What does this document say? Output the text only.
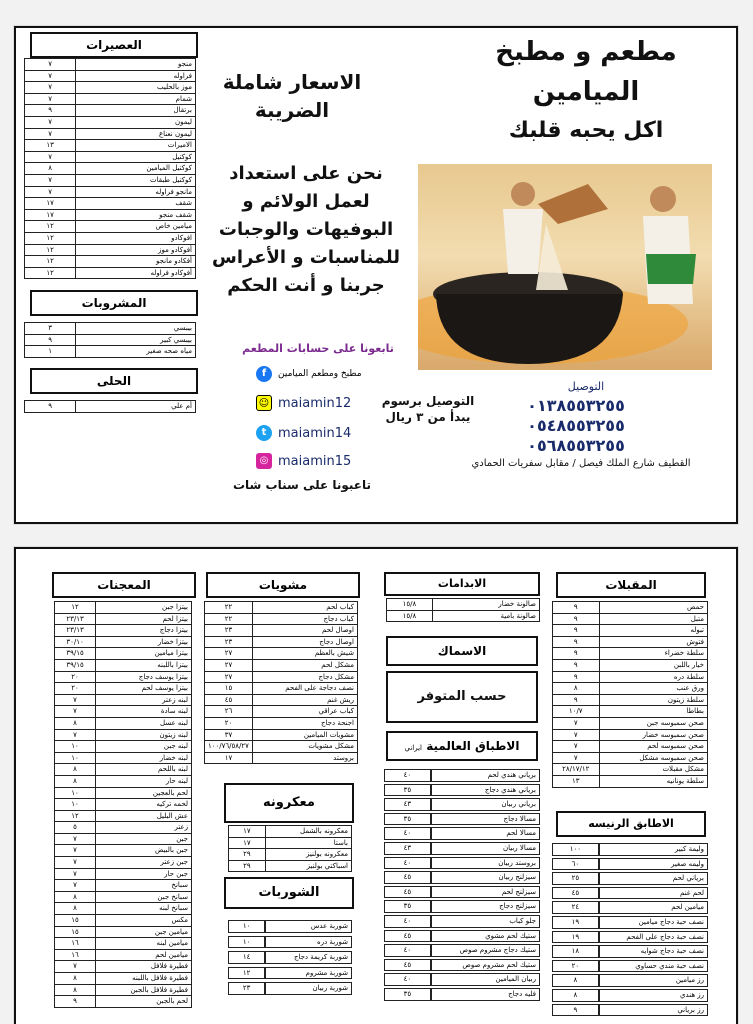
العصيرات
منجو	٧
فراوله	٧
موز بالحليب	٧
شمام	٧
برتقال	٩
ليمون	٧
ليمون نعناع	٧
الاميرات	١٣
كوكتيل	٧
كوكتيل الميامين	٨
كوكتيل طبقات	٧
مانجو فراوله	٧
شقف	١٧
شقف منجو	١٧
ميامين خاص	١٢
افوكادو	١٢
أفوكادو موز	١٢
أفكادو مانجو	١٢
أفوكادو فراوله	١٢
المشروبات
بيبسي	٣
بيبسي كبير	٩
مياه صحه صغير	١
الحلى
أم علي	٩
الاسعار شاملة الضريبة
نحن على استعداد لعمل الولائم و البوفيهات والوجبات للمناسبات و الأعراس جربنا و أنت الحكم
تابعونا على حسابات المطعم
f	مطبخ ومطعم الميامين
☺ maiamin12
t maiamin14
◎ maiamin15
تاعبونا على سناب شات
مطعم و مطبخ
الميامين
اكل يحبه قلبك
التوصيل برسوم
يبدأ من ٣ ريال
التوصيل
٠١٣٨٥٥٣٢٥٥
٠٥٤٨٥٥٣٢٥٥
٠٥٦٨٥٥٣٢٥٥
القطيف شارع الملك فيصل / مقابل سفريات الحمادي
المعجنات
بيتزا جبن	١٢
بيتزا لحم	٢٣/١٣
بيتزا دجاج	٢٣/١٣
بيتزا خضار	٣٠/١٠
بيتزا ميامين	٣٩/١٥
بيتزا باللبنه	٣٩/١٥
بيتزا يوسف دجاج	٢٠
بيتزا يوسف لحم	٢٠
لبنه زعتر	٧
لبنه سادة	٧
لبنه عسل	٨
لبنه زيتون	٧
لبنه جبن	١٠
لبنه خضار	١٠
لبنه باللحم	٨
لبنه حار	٨
لحم بالعجين	١٠
لحمه تركيه	١٠
عش البليل	١٢
زعتر	٥
جبن	٧
جبن بالبيض	٧
جبن زعتر	٧
جبن حار	٧
سبانخ	٧
سبانخ جبن	٨
سبانخ لبنه	٨
مكس	١٥
ميامين جبن	١٥
ميامين لبنه	١٦
ميامين لحم	١٦
فطيرة فلافل	٧
فطيرة فلافل باللبنه	٨
فطيرة فلافل بالجبن	٨
لحم بالجبن	٩
مشويات
كباب لحم	٢٢
كباب دجاج	٢٢
اوصال لحم	٢٣
اوصال دجاج	٢٣
شيش بالعظم	٢٧
مشكل لحم	٢٧
مشكل دجاج	٢٧
نصف دجاجة على الفحم	١٥
ريش غنم	٤٥
كباب عراقي	٢٦
اجنحة دجاج	٢٠
مشويات الميامين	٣٧
مشكل مشويات	١٠٠/٧٦/٥٨/٢٧
بروستد	١٧
معكرونه
معكرونه بالشمل	١٧
باستا	١٧
معكرونه بولنيز	٢٩
اسباكتي بولنيز	٢٩
الشوربات
شوربة عدس	١٠
شوربة دره	١٠
شوربة كريمة دجاج	١٤
شوربة مشروم	١٢
شوربة ربيان	٢٣
الابدامات
صالونة خضار	١٥/٨
صالونة بامية	١٥/٨
الاسماك
حسب المتوفر
الاطباق العالمية ايراني
برياني هندي لحم	٤٠
برياني هندي دجاج	٣٥
برياني ربيان	٤٣
مسالا دجاج	٣٥
مسالا لحم	٤٠
مسالا ربيان	٤٣
بروستد ربيان	٤٠
سيزلنج ربيان	٤٥
سيزلنج لحم	٤٥
سيزلنج دجاج	٣٥
جلو كباب	٤٠
ستيك لحم مشوي	٤٥
ستيك دجاج مشروم صوص	٤٠
ستيك لحم مشروم صوص	٤٥
ربيان الميامين	٤٠
فليه دجاج	٣٥
المقبلات
حمص	٩
متبل	٩
تبوله	٩
فتوش	٩
سلطة خضراء	٩
خيار باللبن	٩
سلطة دره	٩
ورق عنب	٨
سلطة زيتون	٩
بطاطا	١٠/٧
صحن سمبوسه جبن	٧
صحن سمبوسه خضار	٧
صحن سمبوسه لحم	٧
صحن سمبوسه مشكل	٧
مشكل مقبلات	٢٨/١٧/١٢
سلطة يونانيه	١٣
الاطابق الرنيسه
وليمة كبير	١٠٠
وليمه صغير	٦٠
برياني لحم	٢٥
لحم غنم	٤٥
ميامين لحم	٢٤
نصف حبة دجاج ميامين	١٩
نصف حبة دجاج على الفحم	١٩
نصف حبة دجاج شوايه	١٨
نصف حبة مندي حساوي	٢٠
رز ميامين	٨
رز هندي	٨
رز برياني	٩
